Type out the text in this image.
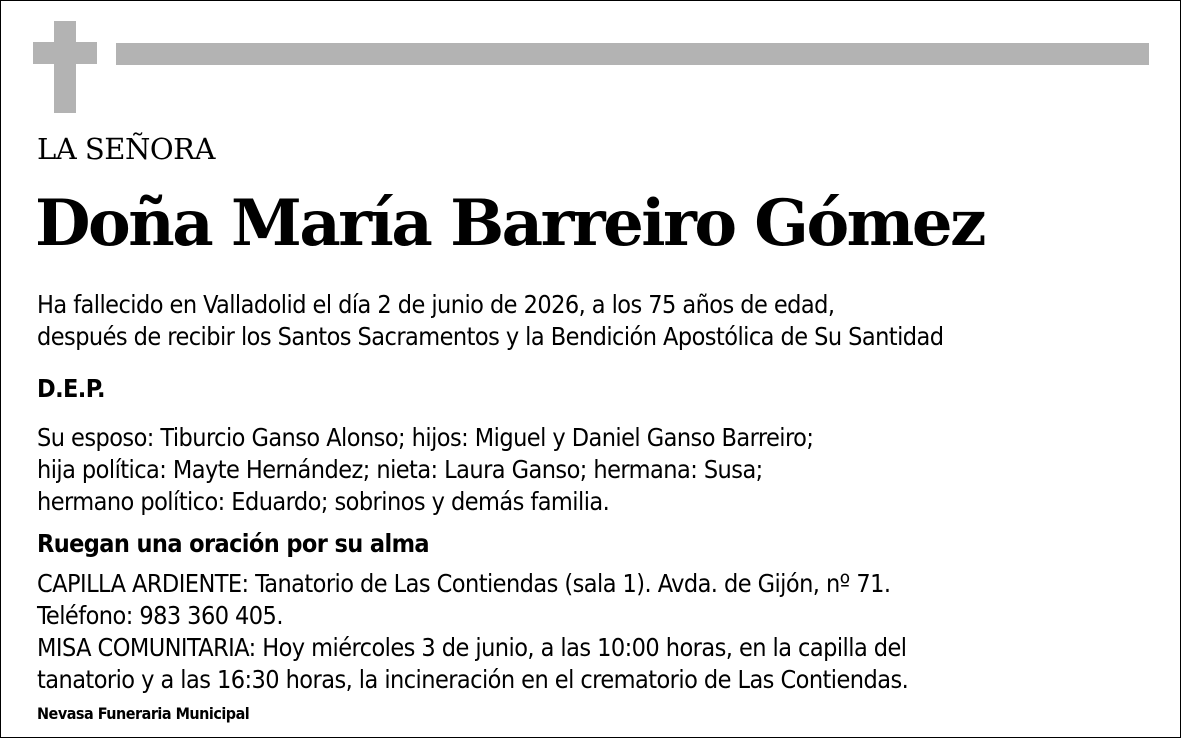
LA SEÑORA

Doña María Barreiro Gómez

Ha fallecido en Valladolid el día 2 de junio de 2026, a los 75 años de edad,
después de recibir los Santos Sacramentos y la Bendición Apostólica de Su Santidad

D.E.P.

Su esposo: Tiburcio Ganso Alonso; hijos: Miguel y Daniel Ganso Barreiro;
hija política: Mayte Hernández; nieta: Laura Ganso; hermana: Susa;
hermano político: Eduardo; sobrinos y demás familia.

Ruegan una oración por su alma

CAPILLA ARDIENTE: Tanatorio de Las Contiendas (sala 1). Avda. de Gijón, nº 71.
Teléfono: 983 360 405.
MISA COMUNITARIA: Hoy miércoles 3 de junio, a las 10:00 horas, en la capilla del
tanatorio y a las 16:30 horas, la incineración en el crematorio de Las Contiendas.

Nevasa Funeraria Municipal
